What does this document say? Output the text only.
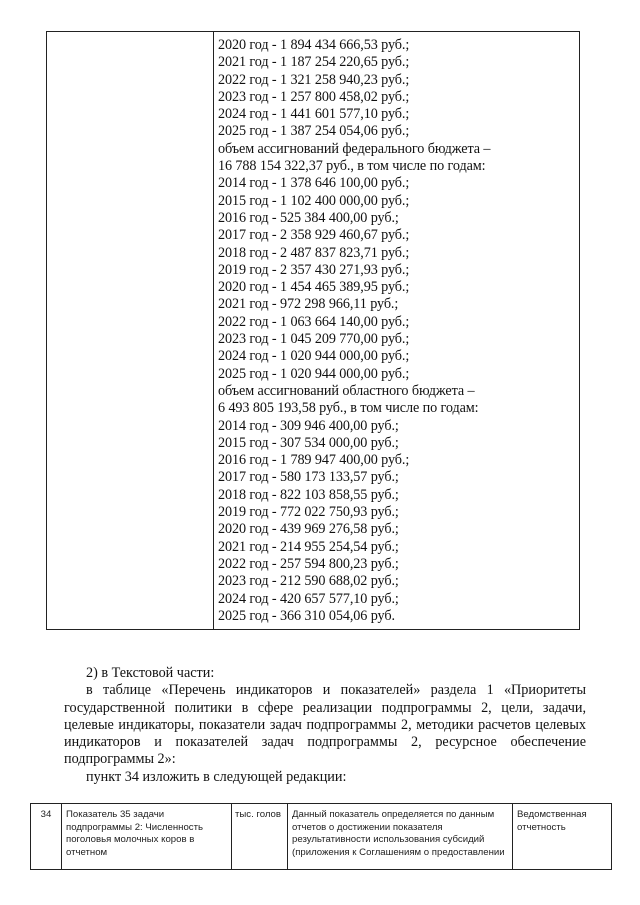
2020 год - 1 894 434 666,53 руб.;
2021 год - 1 187 254 220,65 руб.;
2022 год - 1 321 258 940,23 руб.;
2023 год - 1 257 800 458,02 руб.;
2024 год - 1 441 601 577,10 руб.;
2025 год - 1 387 254 054,06 руб.;
объем ассигнований федерального бюджета –
16 788 154 322,37 руб., в том числе по годам:
2014 год - 1 378 646 100,00 руб.;
2015 год - 1 102 400 000,00 руб.;
2016 год - 525 384 400,00 руб.;
2017 год - 2 358 929 460,67 руб.;
2018 год - 2 487 837 823,71 руб.;
2019 год - 2 357 430 271,93 руб.;
2020 год - 1 454 465 389,95 руб.;
2021 год - 972 298 966,11 руб.;
2022 год - 1 063 664 140,00 руб.;
2023 год - 1 045 209 770,00 руб.;
2024 год - 1 020 944 000,00 руб.;
2025 год - 1 020 944 000,00 руб.;
объем ассигнований областного бюджета –
6 493 805 193,58 руб., в том числе по годам:
2014 год - 309 946 400,00 руб.;
2015 год - 307 534 000,00 руб.;
2016 год - 1 789 947 400,00 руб.;
2017 год - 580 173 133,57 руб.;
2018 год - 822 103 858,55 руб.;
2019 год - 772 022 750,93 руб.;
2020 год - 439 969 276,58 руб.;
2021 год - 214 955 254,54 руб.;
2022 год - 257 594 800,23 руб.;
2023 год - 212 590 688,02 руб.;
2024 год - 420 657 577,10 руб.;
2025 год - 366 310 054,06 руб.
2) в Текстовой части:

в таблице «Перечень индикаторов и показателей» раздела 1 «Приоритеты государственной политики в сфере реализации подпрограммы 2, цели, задачи, целевые индикаторы, показатели задач подпрограммы 2, методики расчетов целевых индикаторов и показателей задач подпрограммы 2, ресурсное обеспечение подпрограммы 2»:

пункт 34 изложить в следующей редакции:
34	Показатель 35 задачи подпрограммы 2: Численность поголовья молочных коров в отчетном
тыс. голов	Данный показатель определяется по данным отчетов о достижении показателя результативности использования субсидий (приложения к Соглашениям о предоставлении
Ведомственная отчетность
